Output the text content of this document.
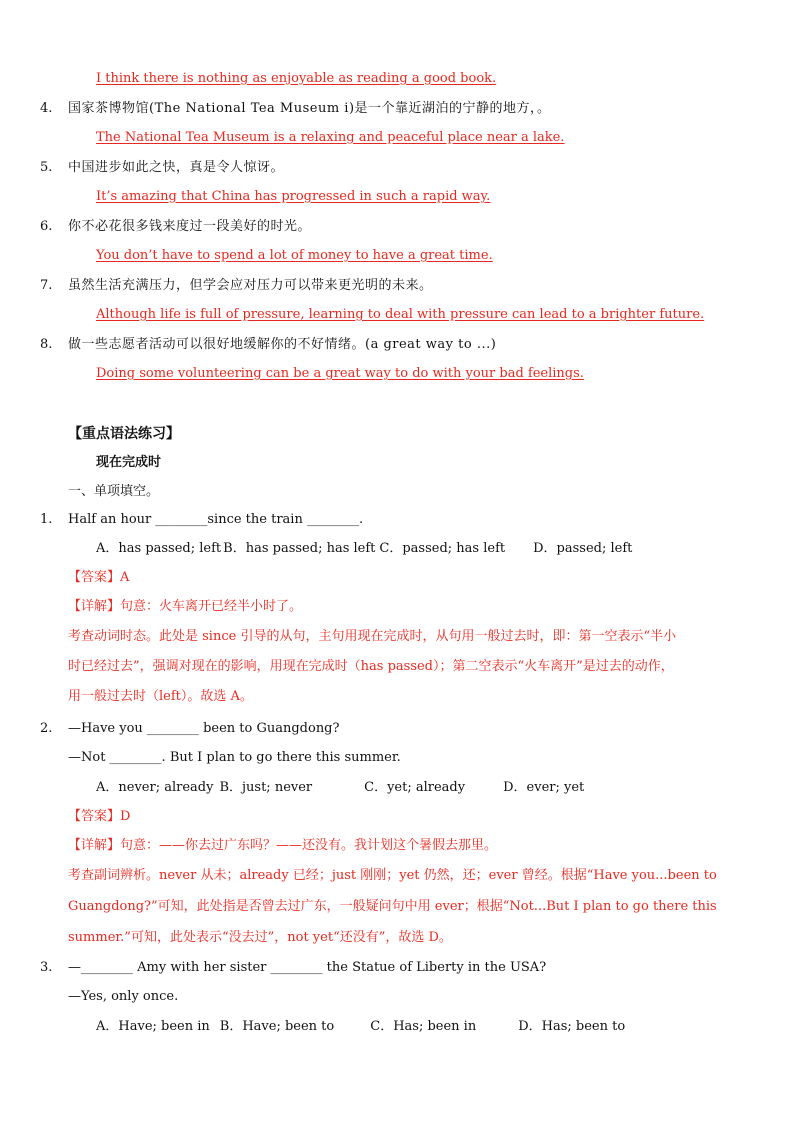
I think there is nothing as enjoyable as reading a good book.
4. 国家茶博物馆(The National Tea Museum i)是一个靠近湖泊的宁静的地方，。
The National Tea Museum is a relaxing and peaceful place near a lake.
5. 中国进步如此之快，真是令人惊讶。
It’s amazing that China has progressed in such a rapid way.
6. 你不必花很多钱来度过一段美好的时光。
You don’t have to spend a lot of money to have a great time.
7. 虽然生活充满压力，但学会应对压力可以带来更光明的未来。
Although life is full of pressure, learning to deal with pressure can lead to a brighter future.
8. 做一些志愿者活动可以很好地缓解你的不好情绪。(a great way to ...)
Doing some volunteering can be a great way to do with your bad feelings.
【重点语法练习】
现在完成时
一、单项填空。
1. Half an hour ________since the train ________.
A．has passed; left B．has passed; has left C．passed; has left D．passed; left
【答案】A
【详解】句意：火车离开已经半小时了。
考查动词时态。此处是 since 引导的从句，主句用现在完成时，从句用一般过去时，即：第一空表示“半小
时已经过去”，强调对现在的影响，用现在完成时（has passed）；第二空表示“火车离开”是过去的动作，
用一般过去时（left）。故选 A。
2. —Have you ________ been to Guangdong?
—Not ________. But I plan to go there this summer.
A．never; already B．just; never	C．yet; already	D．ever; yet
【答案】D
【详解】句意：——你去过广东吗？——还没有。我计划这个暑假去那里。
考查副词辨析。never 从未；already 已经；just 刚刚；yet 仍然，还；ever 曾经。根据“Have you...been to
Guangdong?”可知，此处指是否曾去过广东，一般疑问句中用 ever；根据“Not...But I plan to go there this
summer.”可知，此处表示“没去过”，not yet“还没有”，故选 D。
3. —________ Amy with her sister ________ the Statue of Liberty in the USA?
—Yes, only once.
A．Have; been in B．Have; been to	C．Has; been in	D．Has; been to
